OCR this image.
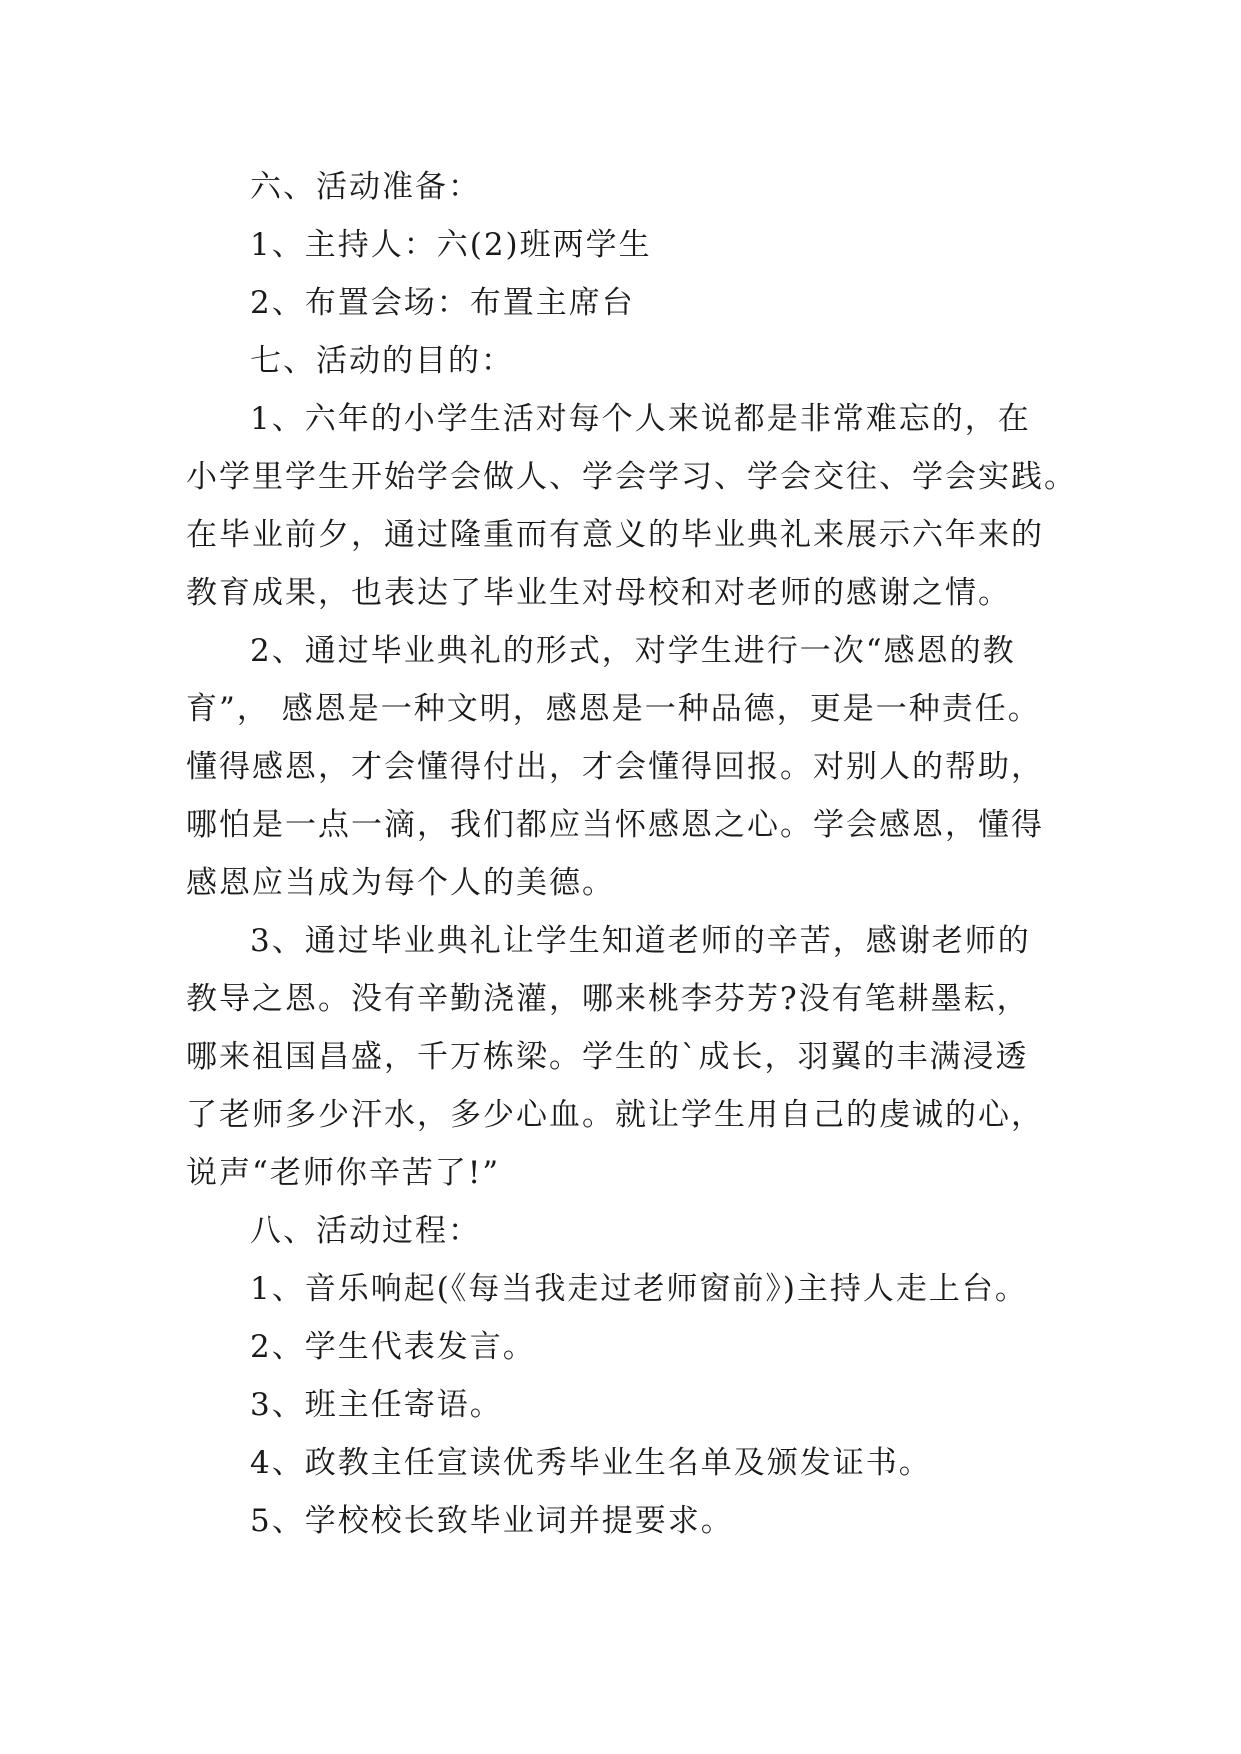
六、活动准备：

1、主持人：六(2)班两学生

2、布置会场：布置主席台

七、活动的目的：

1、六年的小学生活对每个人来说都是非常难忘的，在

小学里学生开始学会做人、学会学习、学会交往、学会实践。

在毕业前夕，通过隆重而有意义的毕业典礼来展示六年来的

教育成果，也表达了毕业生对母校和对老师的感谢之情。

2、通过毕业典礼的形式，对学生进行一次“感恩的教

育”， 感恩是一种文明，感恩是一种品德，更是一种责任。

懂得感恩，才会懂得付出，才会懂得回报。对别人的帮助，

哪怕是一点一滴，我们都应当怀感恩之心。学会感恩，懂得

感恩应当成为每个人的美德。

3、通过毕业典礼让学生知道老师的辛苦，感谢老师的

教导之恩。没有辛勤浇灌，哪来桃李芬芳?没有笔耕墨耘，

哪来祖国昌盛，千万栋梁。学生的`成长，羽翼的丰满浸透

了老师多少汗水，多少心血。就让学生用自己的虔诚的心，

说声“老师你辛苦了!”

八、活动过程：

1、音乐响起(《每当我走过老师窗前》)主持人走上台。

2、学生代表发言。

3、班主任寄语。

4、政教主任宣读优秀毕业生名单及颁发证书。

5、学校校长致毕业词并提要求。
